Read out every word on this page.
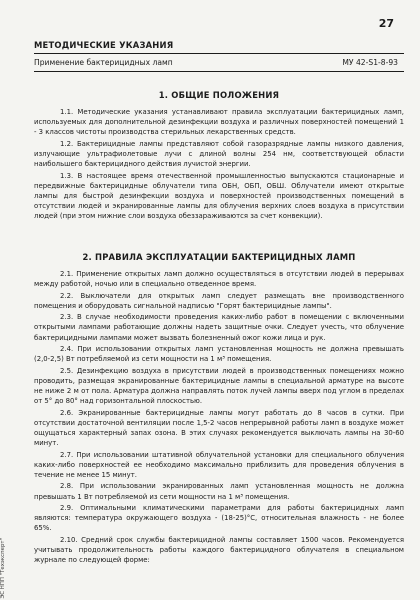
27
МЕТОДИЧЕСКИЕ УКАЗАНИЯ
Применение бактерицидных ламп	МУ 42-S1-8-93
1. ОБЩИЕ ПОЛОЖЕНИЯ

1.1. Методические указания устанавливают правила эксплуатации бактерицидных ламп, используемых для дополнительной дезинфекции воздуха и различных поверхностей помещений 1 - 3 классов чистоты производства стерильных лекарственных средств.

1.2. Бактерицидные лампы представляют собой газоразрядные лампы низкого давления, излучающие ультрафиолетовые лучи с длиной волны 254 нм, соответствующей области наибольшего бактерицидного действия лучистой энергии.

1.3. В настоящее время отечественной промышленностью выпускаются стационарные и передвижные бактерицидные облучатели типа ОБН, ОБП, ОБШ. Облучатели имеют открытые лампы для быстрой дезинфекции воздуха и поверхностей производственных помещений в отсутствии людей и экранированные лампы для облучения верхних слоев воздуха в присутствии людей (при этом нижние слои воздуха обеззараживаются за счет конвекции).

2. ПРАВИЛА ЭКСПЛУАТАЦИИ БАКТЕРИЦИДНЫХ ЛАМП

2.1. Применение открытых ламп должно осуществляться в отсутствии людей в перерывах между работой, ночью или в специально отведенное время.

2.2. Выключатели для открытых ламп следует размещать вне производственного помещения и оборудовать сигнальной надписью "Горят бактерицидные лампы".

2.3. В случае необходимости проведения каких-либо работ в помещении с включенными открытыми лампами работающие должны надеть защитные очки. Следует учесть, что облучение бактерицидными лампами может вызвать болезненный ожог кожи лица и рук.

2.4. При использовании открытых ламп установленная мощность не должна превышать (2,0-2,5) Вт потребляемой из сети мощности на 1 м³ помещения.

2.5. Дезинфекцию воздуха в присутствии людей в производственных помещениях можно проводить, размещая экранированные бактерицидные лампы в специальной арматуре на высоте не ниже 2 м от пола. Арматура должна направлять поток лучей лампы вверх под углом в пределах от 5° до 80° над горизонтальной плоскостью.

2.6. Экранированные бактерицидные лампы могут работать до 8 часов в сутки. При отсутствии достаточной вентиляции после 1,5-2 часов непрерывной работы ламп в воздухе может ощущаться характерный запах озона. В этих случаях рекомендуется выключать лампы на 30-60 минут.

2.7. При использовании штативной облучательной установки для специального облучения каких-либо поверхностей ее необходимо максимально приблизить для проведения облучения в течение не менее 15 минут.

2.8. При использовании экранированных ламп установленная мощность не должна превышать 1 Вт потребляемой из сети мощности на 1 м³ помещения.

2.9. Оптимальными климатическими параметрами для работы бактерицидных ламп являются: температура окружающего воздуха - (18-25)°С, относительная влажность - не более 65%.

2.10. Средний срок службы бактерицидной лампы составляет 1500 часов. Рекомендуется учитывать продолжительность работы каждого бактерицидного облучателя в специальном журнале по следующей форме:

ЭС НПП "Техэксперт"
